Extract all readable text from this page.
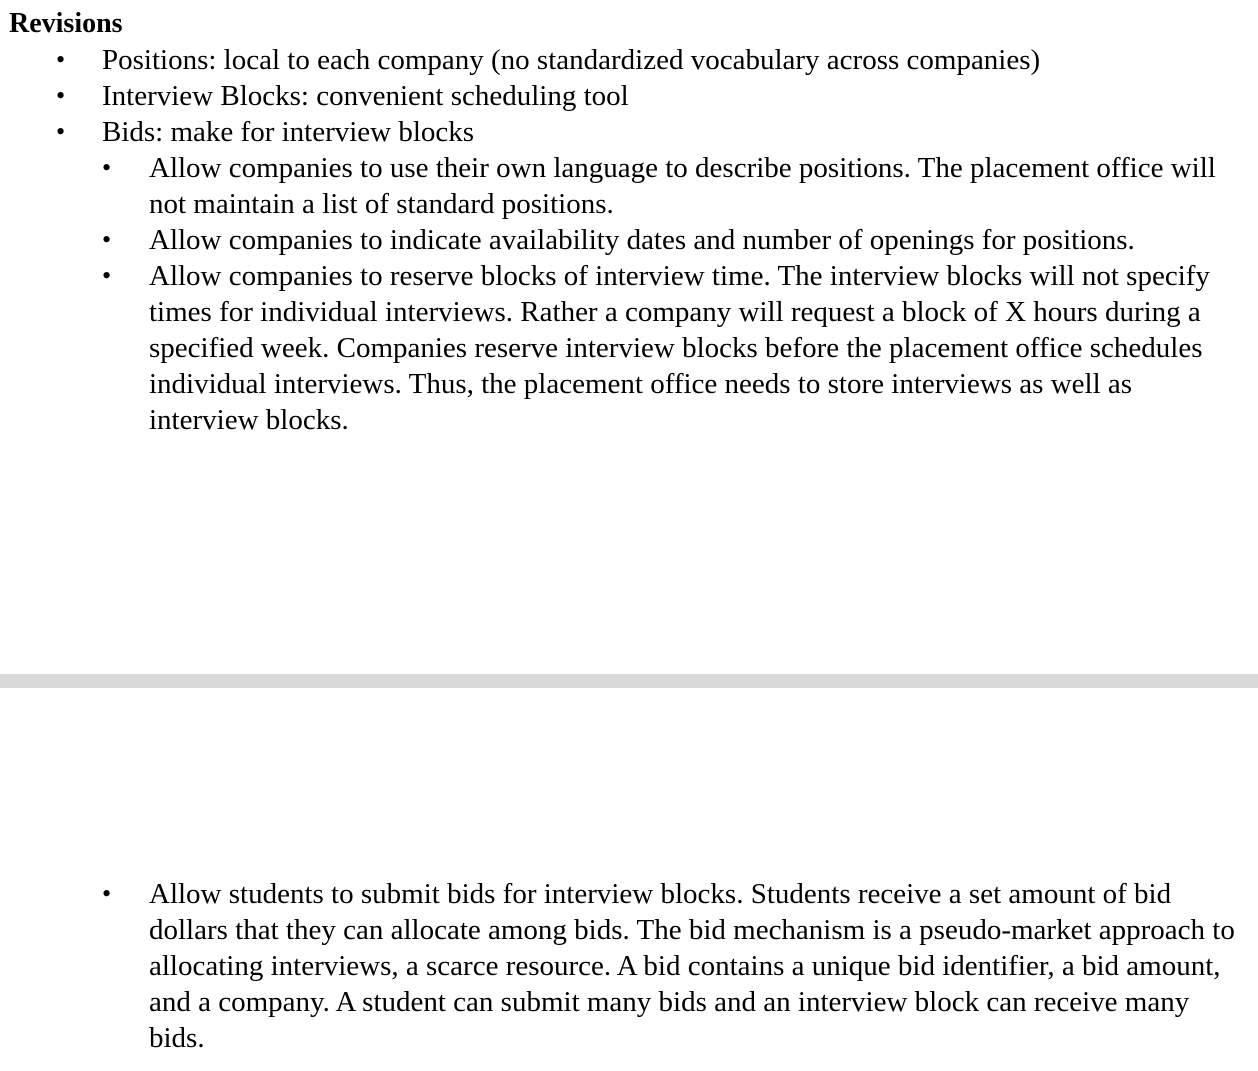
Revisions
• Positions: local to each company (no standardized vocabulary across companies)
• Interview Blocks: convenient scheduling tool
• Bids: make for interview blocks
• Allow companies to use their own language to describe positions. The placement office will not maintain a list of standard positions.
• Allow companies to indicate availability dates and number of openings for positions.
• Allow companies to reserve blocks of interview time. The interview blocks will not specify times for individual interviews. Rather a company will request a block of X hours during a specified week. Companies reserve interview blocks before the placement office schedules individual interviews. Thus, the placement office needs to store interviews as well as interview blocks.
• Allow students to submit bids for interview blocks. Students receive a set amount of bid dollars that they can allocate among bids. The bid mechanism is a pseudo-market approach to allocating interviews, a scarce resource. A bid contains a unique bid identifier, a bid amount, and a company. A student can submit many bids and an interview block can receive many bids.
